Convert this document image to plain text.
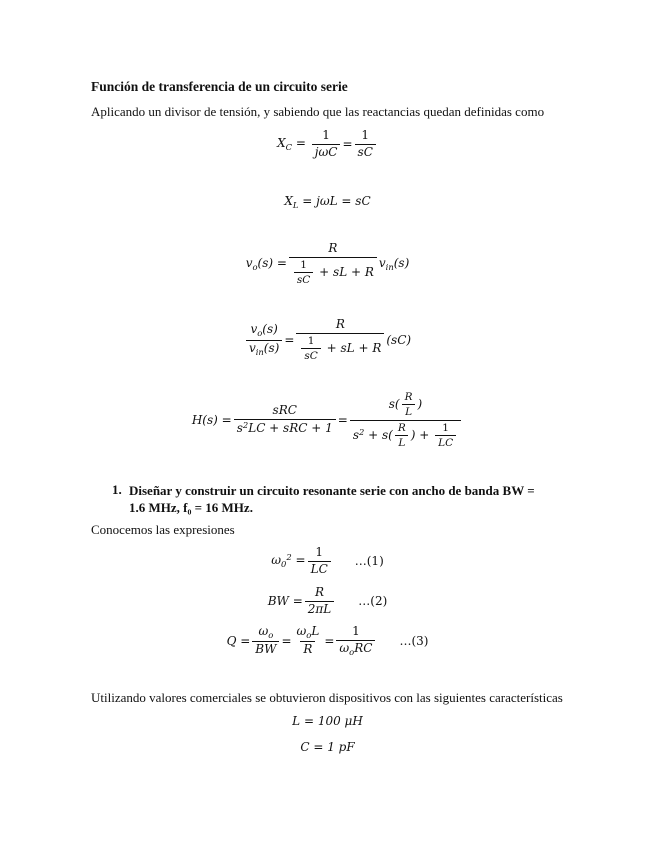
Función de transferencia de un circuito serie
Aplicando un divisor de tensión, y sabiendo que las reactancias quedan definidas como
$X_C = \frac{1}{\text{jωC}} = \frac{1}{sC}$
$X_L = j\omega L$ = sC
$v_o(s) = \frac{R}{\frac{1}{sC} + sL + R} v_{in}(s)$
$\frac{v_o(s)}{v_{in}(s)} = \frac{R}{\frac{1}{sC} + sL + R} (sC)$
$H(s) = \frac{\text{sRC}}{s^2LC + sRC + 1} = \frac{s( \frac{R}{L} )}{s^2 + s( \frac{R}{L} ) + \frac{1}{LC}}$
1. Diseñar y construir un circuito resonante serie con ancho de banda BW = 1.6 MHz, f₀ = 16 MHz.
Conocemos las expresiones
$\omega_0^2 = \frac{1}{LC}$ …(1)
BW = $\frac{R}{2\pi L}$ …(2)
$Q = \frac{\omega_o}{BW} = \frac{\omega_oL}{R} = \frac{1}{\omega_oRC}$ …(3)
Utilizando valores comerciales se obtuvieron dispositivos con las siguientes características
L = 100 μH
C = 1 pF
